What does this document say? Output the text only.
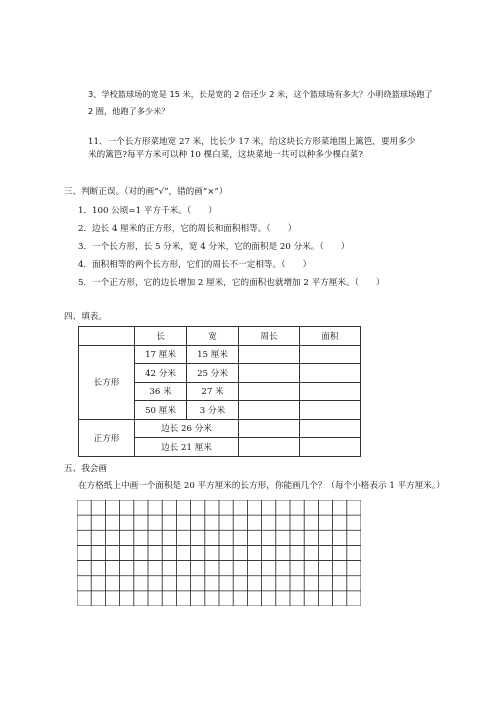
3、学校篮球场的宽是 15 米，长是宽的 2 倍还少 2 米，这个篮球场有多大？小明绕篮球场跑了 2 圈，他跑了多少米？
11、一个长方形菜地宽 27 米，比长少 17 米，给这块长方形菜地围上篱笆，要用多少米的篱笆?每平方米可以种 10 棵白菜，这块菜地一共可以种多少棵白菜?
三、判断正误。（对的画“√”，错的画“×”）
1．100 公顷=1 平方千米。（　　）
2．边长 4 厘米的正方形，它的周长和面积相等。（　　）
3．一个长方形，长 5 分米，宽 4 分米，它的面积是 20 分米。（　　）
4．面积相等的两个长方形，它们的周长不一定相等。（　　）
5．一个正方形，它的边长增加 2 厘米，它的面积也就增加 2 平方厘米。（　　）
四、填表。
	长	宽	周长	面积
长方形	17 厘米	15 厘米		
	42 分米	25 分米		
	36 米	27 米		
	50 厘米	3 分米		
正方形	边长 26 分米			
	边长 21 厘米			
五、我会画
在方格纸上中画一个面积是 20 平方厘米的长方形，你能画几个？（每个小格表示 1 平方厘米。）
